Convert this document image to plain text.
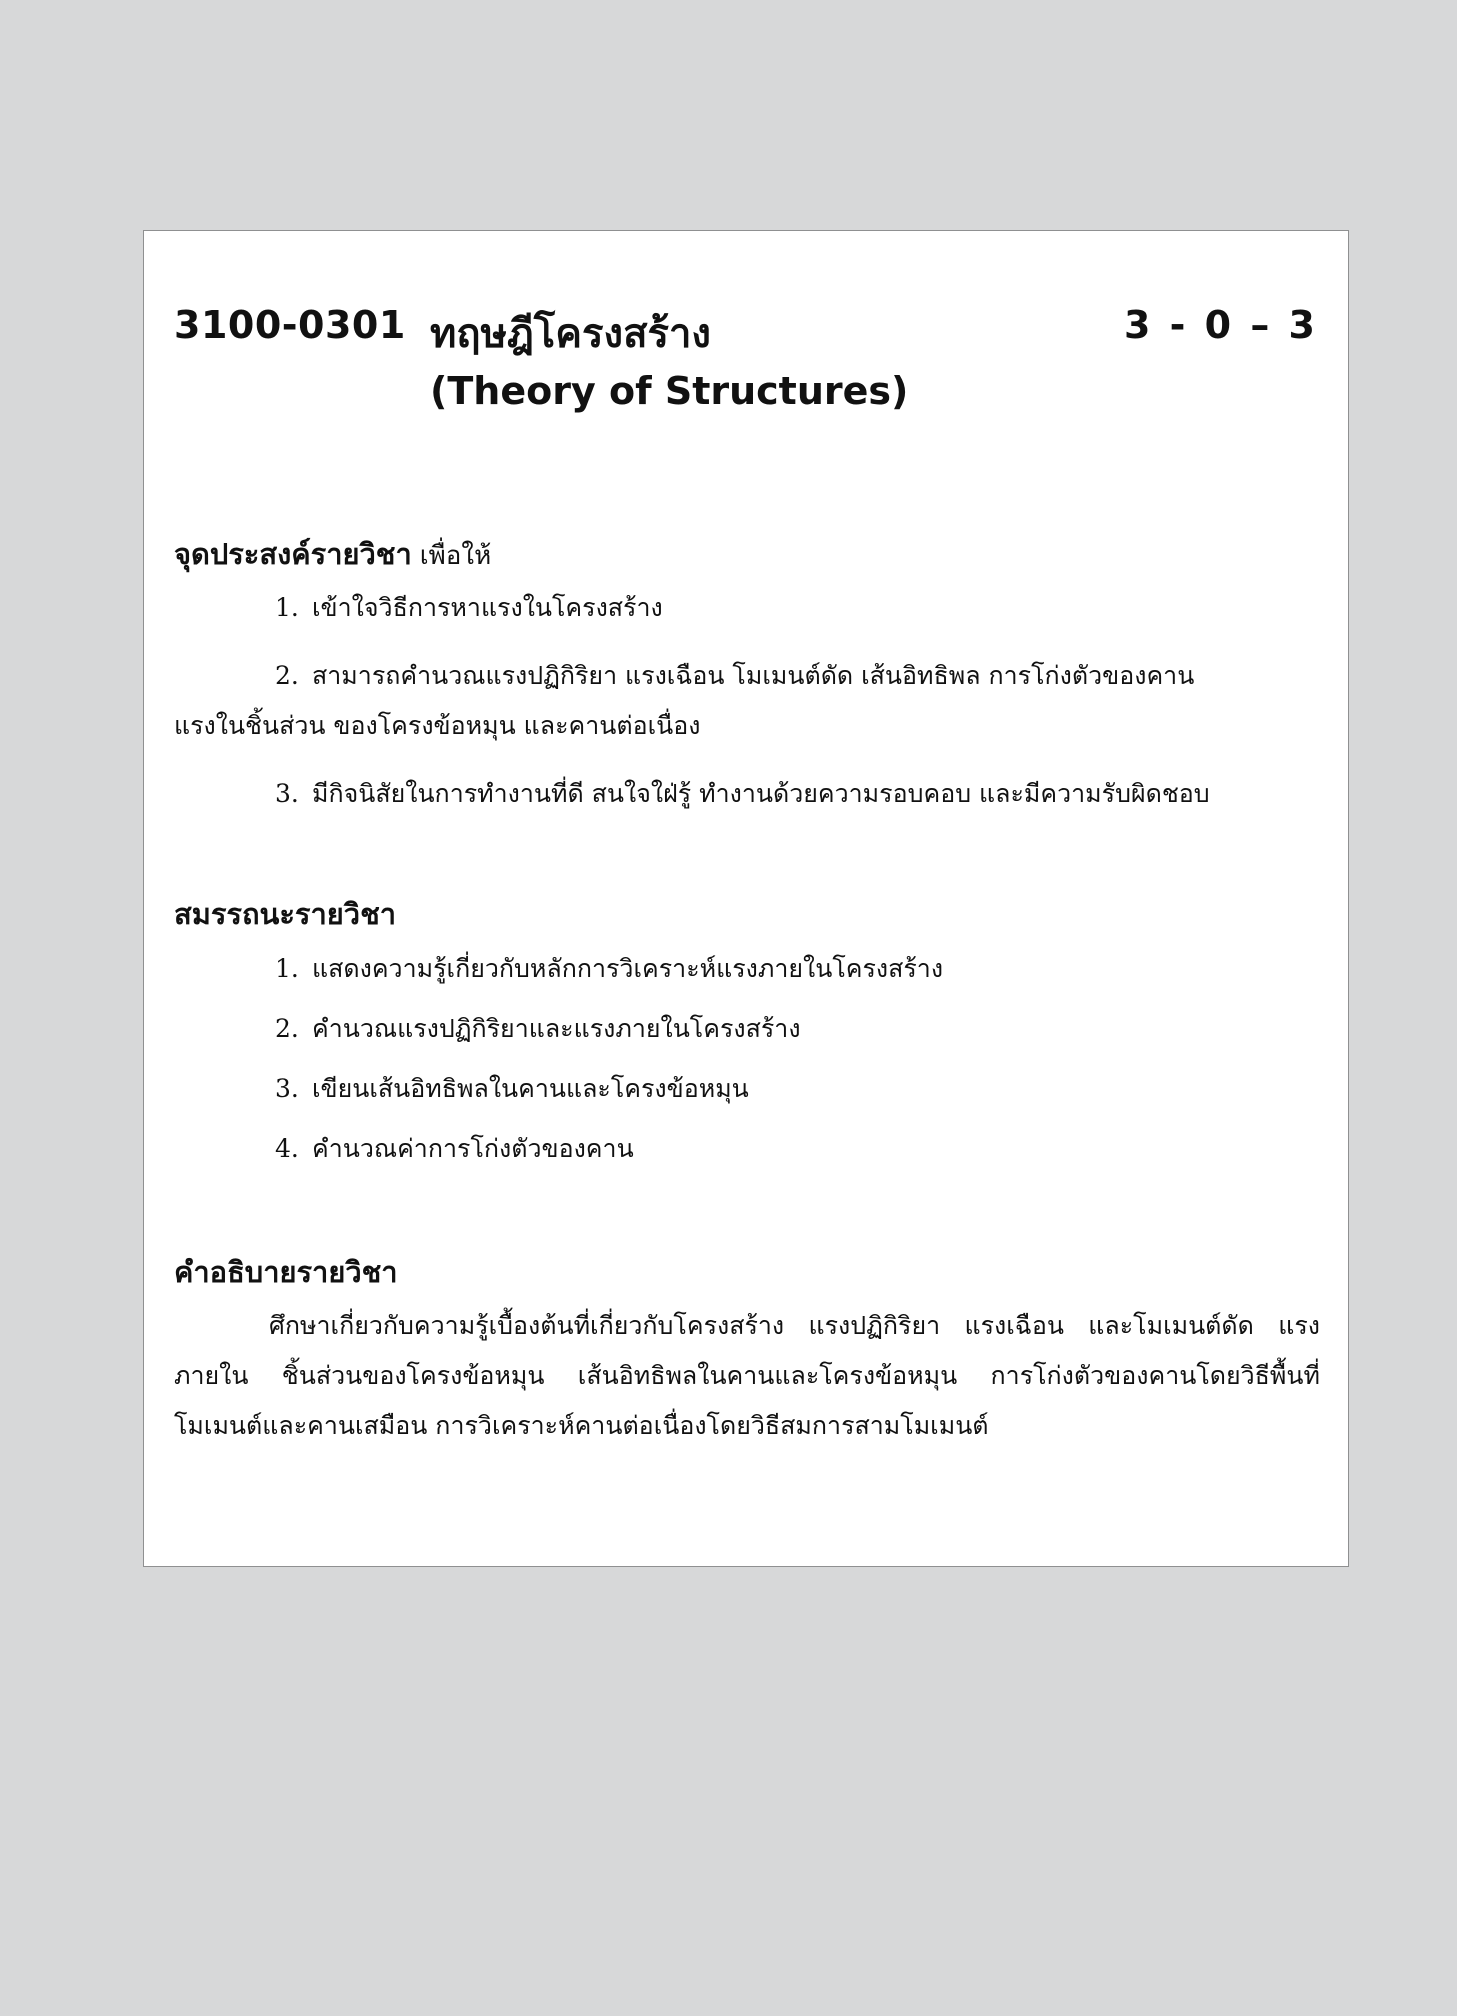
3100-0301 ทฤษฎีโครงสร้าง
(Theory of Structures)
3 - 0 – 3
จุดประสงค์รายวิชา เพื่อให้
1. เข้าใจวิธีการหาแรงในโครงสร้าง
2. สามารถคำนวณแรงปฏิกิริยา แรงเฉือน โมเมนต์ดัด เส้นอิทธิพล การโก่งตัวของคาน
แรงในชิ้นส่วน ของโครงข้อหมุน และคานต่อเนื่อง
3. มีกิจนิสัยในการทำงานที่ดี สนใจใฝ่รู้ ทำงานด้วยความรอบคอบ และมีความรับผิดชอบ
สมรรถนะรายวิชา
1. แสดงความรู้เกี่ยวกับหลักการวิเคราะห์แรงภายในโครงสร้าง
2. คำนวณแรงปฏิกิริยาและแรงภายในโครงสร้าง
3. เขียนเส้นอิทธิพลในคานและโครงข้อหมุน
4. คำนวณค่าการโก่งตัวของคาน
คำอธิบายรายวิชา
ศึกษาเกี่ยวกับความรู้เบื้องต้นที่เกี่ยวกับโครงสร้าง แรงปฏิกิริยา แรงเฉือน และโมเมนต์ดัด แรงภายใน ชิ้นส่วนของโครงข้อหมุน เส้นอิทธิพลในคานและโครงข้อหมุน การโก่งตัวของคานโดยวิธีพื้นที่โมเมนต์และคานเสมือน การวิเคราะห์คานต่อเนื่องโดยวิธีสมการสามโมเมนต์
